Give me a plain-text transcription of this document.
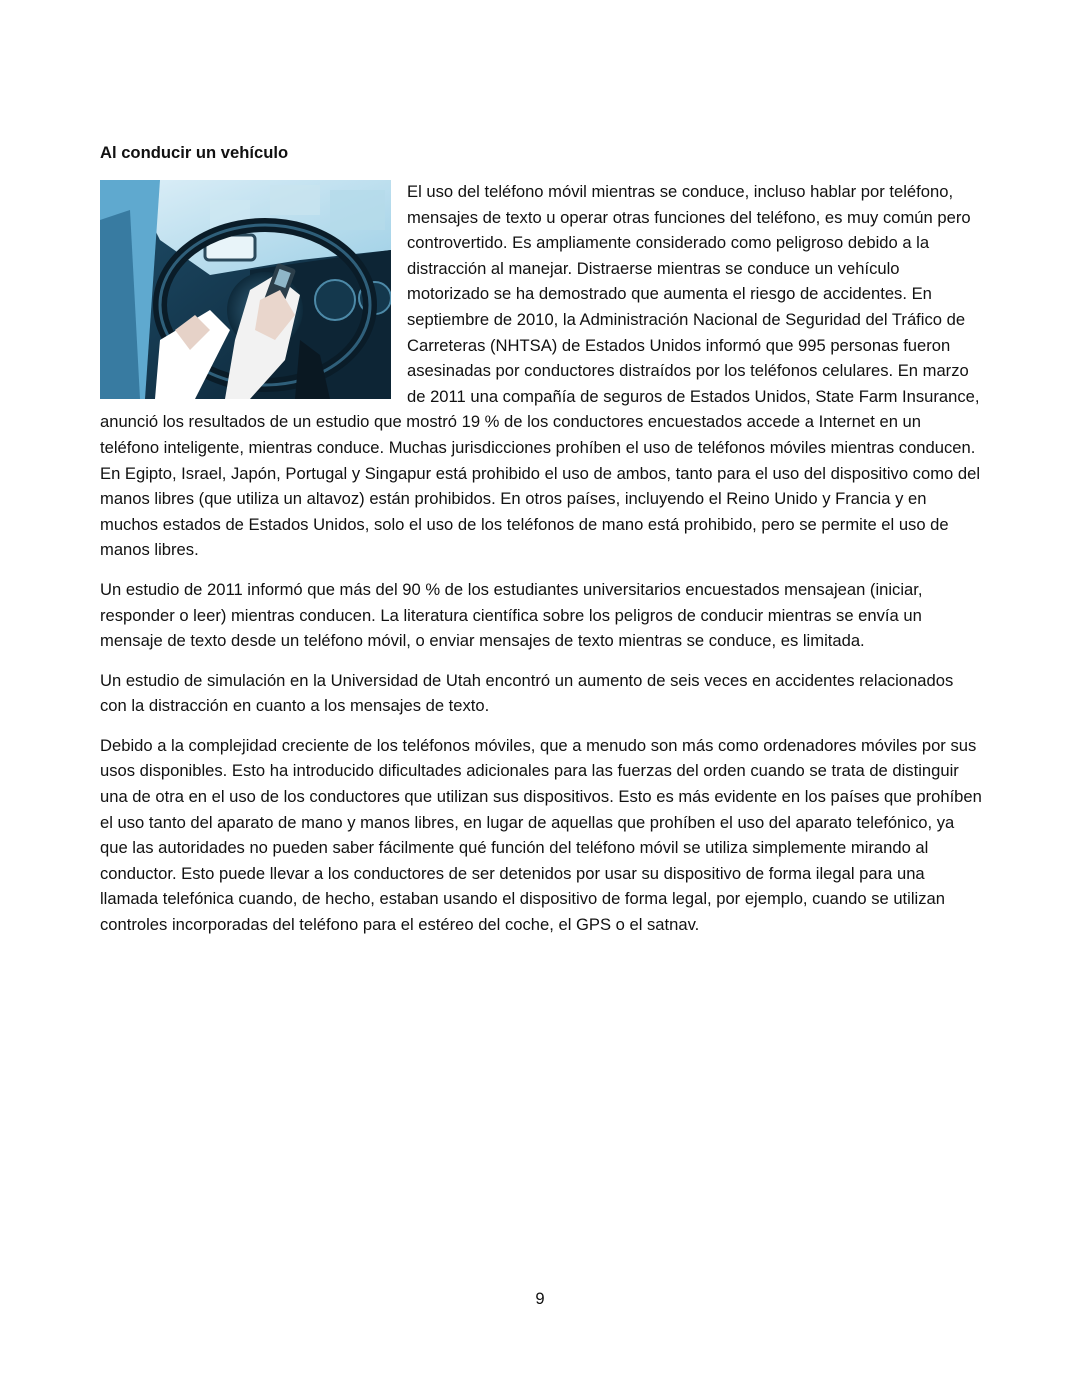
Al conducir un vehículo

El uso del teléfono móvil mientras se conduce, incluso hablar por teléfono, mensajes de texto u operar otras funciones del teléfono, es muy común pero controvertido. Es ampliamente considerado como peligroso debido a la distracción al manejar. Distraerse mientras se conduce un vehículo motorizado se ha demostrado que aumenta el riesgo de accidentes. En septiembre de 2010, la Administración Nacional de Seguridad del Tráfico de Carreteras (NHTSA) de Estados Unidos informó que 995 personas fueron asesinadas por conductores distraídos por los teléfonos celulares. En marzo de 2011 una compañía de seguros de Estados Unidos, State Farm Insurance, anunció los resultados de un estudio que mostró 19 % de los conductores encuestados accede a Internet en un teléfono inteligente, mientras conduce. Muchas jurisdicciones prohíben el uso de teléfonos móviles mientras conducen.

En Egipto, Israel, Japón, Portugal y Singapur está prohibido el uso de ambos, tanto para el uso del dispositivo como del manos libres (que utiliza un altavoz) están prohibidos. En otros países, incluyendo el Reino Unido y Francia y en muchos estados de Estados Unidos, solo el uso de los teléfonos de mano está prohibido, pero se permite el uso de manos libres.

Un estudio de 2011 informó que más del 90 % de los estudiantes universitarios encuestados mensajean (iniciar, responder o leer) mientras conducen. La literatura científica sobre los peligros de conducir mientras se envía un mensaje de texto desde un teléfono móvil, o enviar mensajes de texto mientras se conduce, es limitada.

Un estudio de simulación en la Universidad de Utah encontró un aumento de seis veces en accidentes relacionados con la distracción en cuanto a los mensajes de texto.

Debido a la complejidad creciente de los teléfonos móviles, que a menudo son más como ordenadores móviles por sus usos disponibles. Esto ha introducido dificultades adicionales para las fuerzas del orden cuando se trata de distinguir una de otra en el uso de los conductores que utilizan sus dispositivos. Esto es más evidente en los países que prohíben el uso tanto del aparato de mano y manos libres, en lugar de aquellas que prohíben el uso del aparato telefónico, ya que las autoridades no pueden saber fácilmente qué función del teléfono móvil se utiliza simplemente mirando al conductor. Esto puede llevar a los conductores de ser detenidos por usar su dispositivo de forma ilegal para una llamada telefónica cuando, de hecho, estaban usando el dispositivo de forma legal, por ejemplo, cuando se utilizan controles incorporadas del teléfono para el estéreo del coche, el GPS o el satnav.

9
